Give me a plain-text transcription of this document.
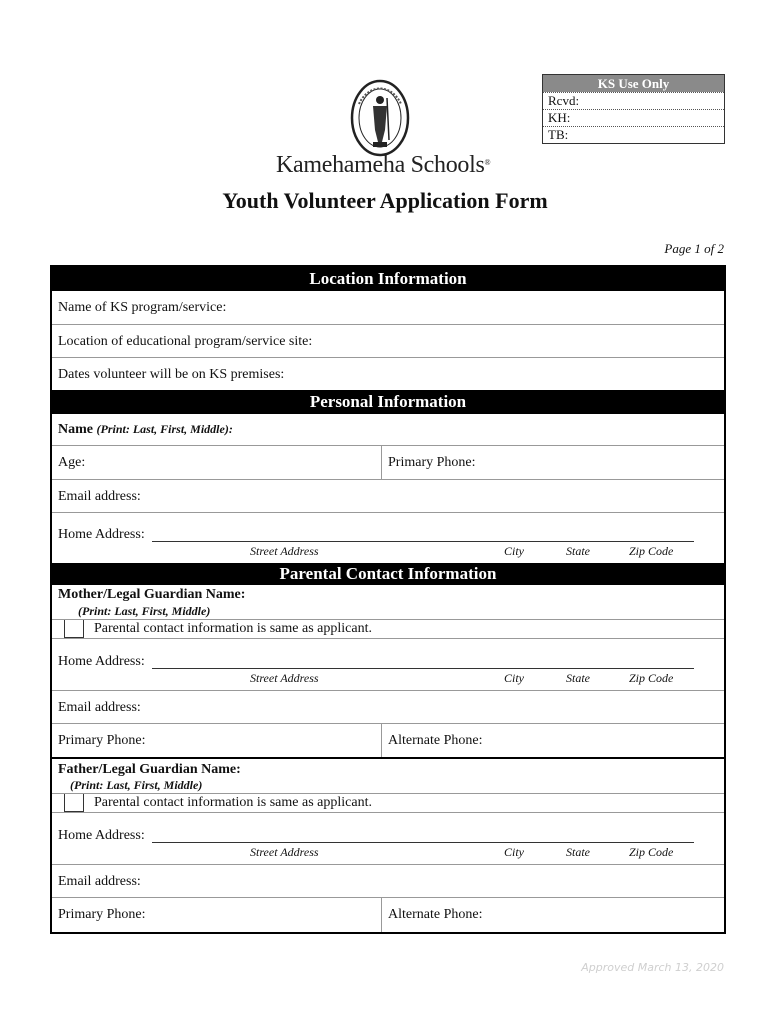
KS Use Only
Rcvd:
KH:
TB:
Kamehameha Schools®
Youth Volunteer Application Form
Page 1 of 2
Location Information
Name of KS program/service:
Location of educational program/service site:
Dates volunteer will be on KS premises:
Personal Information
Name (Print: Last, First, Middle):
Age:	Primary Phone:
Email address:
Home Address:
Street Address	City	State	Zip Code
Parental Contact Information
Mother/Legal Guardian Name:
(Print: Last, First, Middle)
Parental contact information is same as applicant.
Home Address:
Street Address	City	State	Zip Code
Email address:
Primary Phone:	Alternate Phone:
Father/Legal Guardian Name:
(Print: Last, First, Middle)
Parental contact information is same as applicant.
Home Address:
Street Address	City	State	Zip Code
Email address:
Primary Phone:	Alternate Phone:
Approved March 13, 2020
